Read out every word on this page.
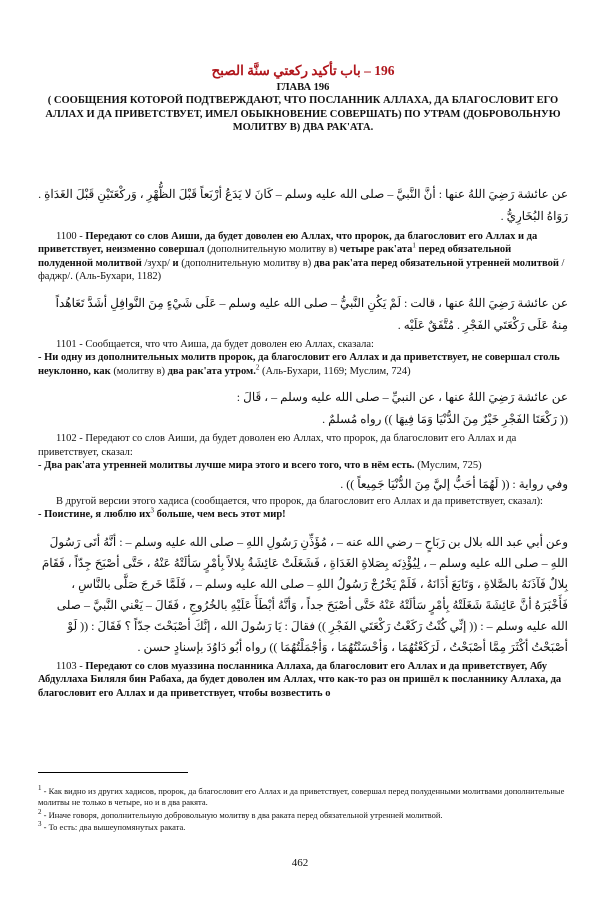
196 – باب تأكيد ركعتي سنَّة الصبح
ГЛАВА 196
( СООБЩЕНИЯ КОТОРОЙ ПОДТВЕРЖДАЮТ, ЧТО ПОСЛАННИК АЛЛАХА, ДА БЛАГОСЛОВИТ ЕГО АЛЛАХ И ДА ПРИВЕТСТВУЕТ, ИМЕЛ ОБЫКНОВЕНИЕ СОВЕРШАТЬ) ПО УТРАМ (ДОБРОВОЛЬНУЮ МОЛИТВУ В) ДВА РАК'АТА.
عن عائشة رَضِيَ اللهُ عنها : أنَّ النَّبيَّ – صلى الله عليه وسلم – كَانَ لا يَدَعُ أرْبَعاً قَبْلَ الظُّهْرِ ، وَركْعَتَيْنِ قَبْلَ الغَدَاةِ . رَوَاهُ البُخَارِيُّ .
1100 - Передают со слов Аиши, да будет доволен ею Аллах, что пророк, да благословит его Аллах и да приветствует, неизменно совершал (дополнительную молитву в) четыре рак'ата$^1$ перед обязательной полуденной молитвой /зухр/ и (дополнительную молитву в) два рак'ата перед обязательной утренней молитвой /фаджр/. (Аль-Бухари, 1182)
عن عائشة رَضِيَ اللهُ عنها ، قالت : لَمْ يَكُنِ النَّبيُّ – صلى الله عليه وسلم – عَلَى شَيْءٍ مِنَ النَّوافِلِ أشَدَّ تَعَاهُداً مِنهُ عَلَى رَكْعَتَي الفَجْرِ . مُتَّفَقٌ عَلَيْه .
1101 - Сообщается, что что Аиша, да будет доволен ею Аллах, сказала:
- Ни одну из дополнительных молитв пророк, да благословит его Аллах и да приветствует, не совершал столь неуклонно, как (молитву в) два рак'ата утром.$^2$ (Аль-Бухари, 1169; Муслим, 724)
عن عائشة رَضِيَ اللهُ عنها ، عن النبيِّ – صلى الله عليه وسلم – ، قَالَ :
(( رَكْعَتَا الفَجْرِ خَيْرٌ مِنَ الدُّنْيَا وَمَا فِيهَا )) رواه مُسلمٌ .
1102 - Передают со слов Аиши, да будет доволен ею Аллах, что пророк, да благословит его Аллах и да приветствует, сказал:
- Два рак'ата утренней молитвы лучше мира этого и всего того, что в нём есть. (Муслим, 725)
وفي رواية : (( لَهُمَا أحَبُّ إليَّ مِنَ الدُّنْيَا جَمِيعاً )) .
В другой версии этого хадиса (сообщается, что пророк, да благословит его Аллах и да приветствует, сказал):
- Поистине, я люблю $их^3$ больше, чем весь этот мир!
وعن أبي عبد الله بلال بن رَبَاحٍ – رضي الله عنه – ، مُؤَذِّنِ رَسُولِ اللهِ – صلى الله عليه وسلم – : أنَّهُ أتَى رَسُولَ اللهِ – صلى الله عليه وسلم – ، لِيُؤْذِنَه بِصَلاةِ الغَدَاةِ ، فَشَغَلَتْ عَائِشَةُ بِلالاً بِأمْرٍ سَألَتْهُ عَنْهُ ، حَتَّى أصْبَحَ جِدّاً ، فَقَامَ بِلالٌ فَآذَنَهُ بالصَّلاةِ ، وَتَابَعَ أذَانَهُ ، فَلَمْ يَخْرُجْ رَسُولُ اللهِ – صلى الله عليه وسلم – ، فَلَمَّا خَرجَ صَلَّى بالنَّاسِ ، فَأَخْبَرَهُ أنَّ عَائِشَةَ شَغَلَتْهُ بِأمْرٍ سَألَتْهُ عَنْهُ حَتَّى أصْبَحَ جداً ، وَأنَّهُ أبْطَأَ عَلَيْهِ بالخُرُوجِ ، فَقَالَ – يَعْني النَّبيَّ – صلى الله عليه وسلم – : (( إنِّي كُنْتُ رَكَعْتُ رَكْعَتَي الفَجْرِ )) فقالَ : يَا رَسُولَ الله ، إنَّكَ أصْبَحْتَ جدّاً ؟ فَقَالَ : (( لَوْ أصْبَحْتُ أكْثَرَ مِمَّا أصْبَحْتُ ، لَرَكَعْتُهُمَا ، وَأحْسَنْتُهُمَا ، وَأجْمَلْتُهُمَا )) رواه أبُو دَاوُدَ بإسنادٍ حسن .
1103 - Передают со слов муаззина посланника Аллаха, да благословит его Аллах и да приветствует, Абу Абдуллаха Биляля бин Рабаха, да будет доволен им Аллах, что как-то раз он пришёл к посланнику Аллаха, да благословит его Аллах и да приветствует, чтобы возвестить о
$^1$ - Как видно из других хадисов, пророк, да благословит его Аллах и да приветствует, совершал перед полуденными молитвами дополнительные молитвы не только в четыре, но и в два ракята.
$^2$ - Иначе говоря, дополнительную добровольную молитву в два раката перед обязательной утренней молитвой.
$^3$ - То есть: два вышеупомянутых раката.
462
